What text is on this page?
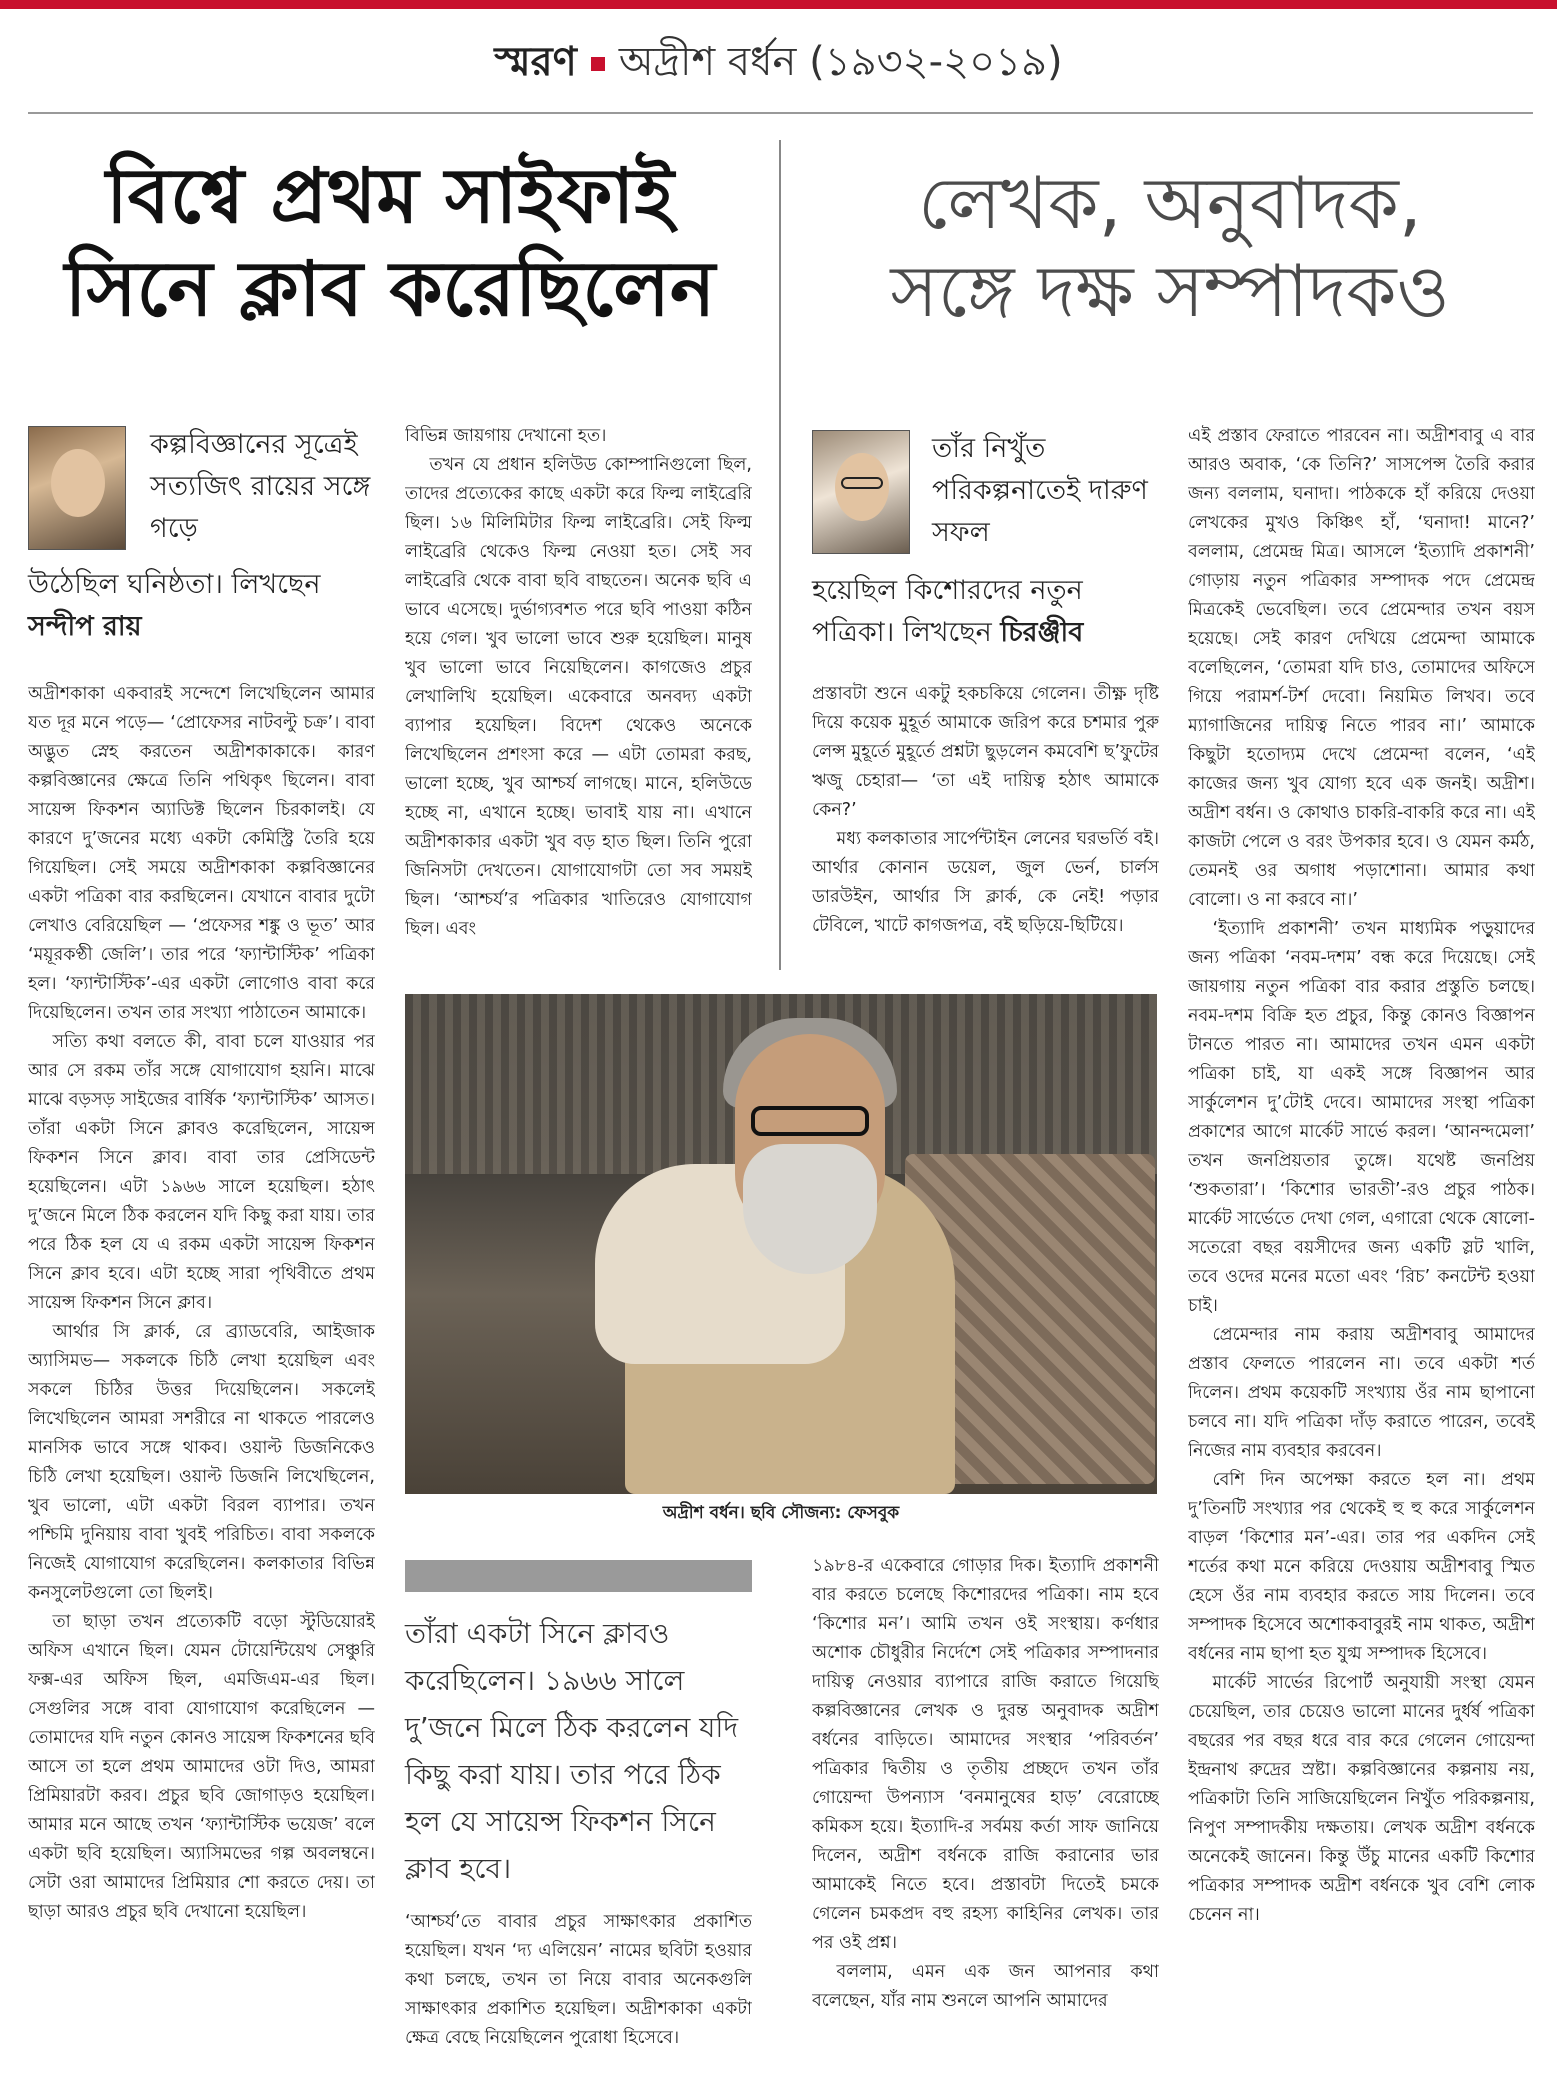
স্মরণ অদ্রীশ বর্ধন (১৯৩২-২০১৯)
বিশ্বে প্রথম সাইফাই
সিনে ক্লাব করেছিলেন
লেখক, অনুবাদক,
সঙ্গে দক্ষ সম্পাদকও
কল্পবিজ্ঞানের সূত্রেই সত্যজিৎ রায়ের সঙ্গে গড়ে
উঠেছিল ঘনিষ্ঠতা। লিখছেন
সন্দীপ রায়
তাঁর নিখুঁত পরিকল্পনাতেই দারুণ সফল
হয়েছিল কিশোরদের নতুন পত্রিকা। লিখছেন চিরঞ্জীব

অদ্রীশকাকা একবারই সন্দেশে লিখেছিলেন আমার যত দূর মনে পড়ে— ‘প্রোফেসর নাটবল্টু চক্র’। বাবা অদ্ভুত স্নেহ করতেন অদ্রীশকাকাকে। কারণ কল্পবিজ্ঞানের ক্ষেত্রে তিনি পথিকৃৎ ছিলেন। বাবা সায়েন্স ফিকশন অ্যাডিক্ট ছিলেন চিরকালই। যে কারণে দু’জনের মধ্যে একটা কেমিস্ট্রি তৈরি হয়ে গিয়েছিল। সেই সময়ে অদ্রীশকাকা কল্পবিজ্ঞানের একটা পত্রিকা বার করছিলেন। যেখানে বাবার দুটো লেখাও বেরিয়েছিল — ‘প্রফেসর শঙ্কু ও ভূত’ আর ‘ময়ূরকণ্ঠী জেলি’। তার পরে ‘ফ্যান্টাস্টিক’ পত্রিকা হল। ‘ফ্যান্টাস্টিক’-এর একটা লোগোও বাবা করে দিয়েছিলেন। তখন তার সংখ্যা পাঠাতেন আমাকে।

সত্যি কথা বলতে কী, বাবা চলে যাওয়ার পর আর সে রকম তাঁর সঙ্গে যোগাযোগ হয়নি। মাঝে মাঝে বড়সড় সাইজের বার্ষিক ‘ফ্যান্টাস্টিক’ আসত। তাঁরা একটা সিনে ক্লাবও করেছিলেন, সায়েন্স ফিকশন সিনে ক্লাব। বাবা তার প্রেসিডেন্ট হয়েছিলেন। এটা ১৯৬৬ সালে হয়েছিল। হঠাৎ দু’জনে মিলে ঠিক করলেন যদি কিছু করা যায়। তার পরে ঠিক হল যে এ রকম একটা সায়েন্স ফিকশন সিনে ক্লাব হবে। এটা হচ্ছে সারা পৃথিবীতে প্রথম সায়েন্স ফিকশন সিনে ক্লাব।

আর্থার সি ক্লার্ক, রে ব্র্যাডবেরি, আইজাক অ্যাসিমভ— সকলকে চিঠি লেখা হয়েছিল এবং সকলে চিঠির উত্তর দিয়েছিলেন। সকলেই লিখেছিলেন আমরা সশরীরে না থাকতে পারলেও মানসিক ভাবে সঙ্গে থাকব। ওয়াল্ট ডিজনিকেও চিঠি লেখা হয়েছিল। ওয়াল্ট ডিজনি লিখেছিলেন, খুব ভালো, এটা একটা বিরল ব্যাপার। তখন পশ্চিমি দুনিয়ায় বাবা খুবই পরিচিত। বাবা সকলকে নিজেই যোগাযোগ করেছিলেন। কলকাতার বিভিন্ন কনসুলেটগুলো তো ছিলই।

তা ছাড়া তখন প্রত্যেকটি বড়ো স্টুডিয়োরই অফিস এখানে ছিল। যেমন টোয়েন্টিয়েথ সেঞ্চুরি ফক্স-এর অফিস ছিল, এমজিএম-এর ছিল। সেগুলির সঙ্গে বাবা যোগাযোগ করেছিলেন — তোমাদের যদি নতুন কোনও সায়েন্স ফিকশনের ছবি আসে তা হলে প্রথম আমাদের ওটা দিও, আমরা প্রিমিয়ারটা করব। প্রচুর ছবি জোগাড়ও হয়েছিল। আমার মনে আছে তখন ‘ফ্যান্টাস্টিক ভয়েজ’ বলে একটা ছবি হয়েছিল। অ্যাসিমভের গল্প অবলম্বনে। সেটা ওরা আমাদের প্রিমিয়ার শো করতে দেয়। তা ছাড়া আরও প্রচুর ছবি দেখানো হয়েছিল।

বিভিন্ন জায়গায় দেখানো হত।

তখন যে প্রধান হলিউড কোম্পানিগুলো ছিল, তাদের প্রত্যেকের কাছে একটা করে ফিল্ম লাইব্রেরি ছিল। ১৬ মিলিমিটার ফিল্ম লাইব্রেরি। সেই ফিল্ম লাইব্রেরি থেকেও ফিল্ম নেওয়া হত। সেই সব লাইব্রেরি থেকে বাবা ছবি বাছতেন। অনেক ছবি এ ভাবে এসেছে। দুর্ভাগ্যবশত পরে ছবি পাওয়া কঠিন হয়ে গেল। খুব ভালো ভাবে শুরু হয়েছিল। মানুষ খুব ভালো ভাবে নিয়েছিলেন। কাগজেও প্রচুর লেখালিখি হয়েছিল। একেবারে অনবদ্য একটা ব্যাপার হয়েছিল। বিদেশ থেকেও অনেকে লিখেছিলেন প্রশংসা করে — এটা তোমরা করছ, ভালো হচ্ছে, খুব আশ্চর্য লাগছে। মানে, হলিউডে হচ্ছে না, এখানে হচ্ছে। ভাবাই যায় না। এখানে অদ্রীশকাকার একটা খুব বড় হাত ছিল। তিনি পুরো জিনিসটা দেখতেন। যোগাযোগটা তো সব সময়ই ছিল। ‘আশ্চর্য’র পত্রিকার খাতিরেও যোগাযোগ ছিল। এবং

প্রস্তাবটা শুনে একটু হকচকিয়ে গেলেন। তীক্ষ্ণ দৃষ্টি দিয়ে কয়েক মুহূর্ত আমাকে জরিপ করে চশমার পুরু লেন্স মুহূর্তে মুহূর্তে প্রশ্নটা ছুড়লেন কমবেশি ছ’ফুটের ঋজু চেহারা— ‘তা এই দায়িত্ব হঠাৎ আমাকে কেন?’

মধ্য কলকাতার সার্পেন্টাইন লেনের ঘরভর্তি বই। আর্থার কোনান ডয়েল, জুল ভের্ন, চার্লস ডারউইন, আর্থার সি ক্লার্ক, কে নেই! পড়ার টেবিলে, খাটে কাগজপত্র, বই ছড়িয়ে-ছিটিয়ে।

এই প্রস্তাব ফেরাতে পারবেন না। অদ্রীশবাবু এ বার আরও অবাক, ‘কে তিনি?’ সাসপেন্স তৈরি করার জন্য বললাম, ঘনাদা। পাঠককে হাঁ করিয়ে দেওয়া লেখকের মুখও কিঞ্চিৎ হাঁ, ‘ঘনাদা! মানে?’ বললাম, প্রেমেন্দ্র মিত্র। আসলে ‘ইত্যাদি প্রকাশনী’ গোড়ায় নতুন পত্রিকার সম্পাদক পদে প্রেমেন্দ্র মিত্রকেই ভেবেছিল। তবে প্রেমেন্দার তখন বয়স হয়েছে। সেই কারণ দেখিয়ে প্রেমেন্দা আমাকে বলেছিলেন, ‘তোমরা যদি চাও, তোমাদের অফিসে গিয়ে পরামর্শ-টর্শ দেবো। নিয়মিত লিখব। তবে ম্যাগাজিনের দায়িত্ব নিতে পারব না।’ আমাকে কিছুটা হতোদ্যম দেখে প্রেমেন্দা বলেন, ‘এই কাজের জন্য খুব যোগ্য হবে এক জনই। অদ্রীশ। অদ্রীশ বর্ধন। ও কোথাও চাকরি-বাকরি করে না। এই কাজটা পেলে ও বরং উপকার হবে। ও যেমন কর্মঠ, তেমনই ওর অগাধ পড়াশোনা। আমার কথা বোলো। ও না করবে না।’

‘ইত্যাদি প্রকাশনী’ তখন মাধ্যমিক পড়ুয়াদের জন্য পত্রিকা ‘নবম-দশম’ বন্ধ করে দিয়েছে। সেই জায়গায় নতুন পত্রিকা বার করার প্রস্তুতি চলছে। নবম-দশম বিক্রি হত প্রচুর, কিন্তু কোনও বিজ্ঞাপন টানতে পারত না। আমাদের তখন এমন একটা পত্রিকা চাই, যা একই সঙ্গে বিজ্ঞাপন আর সার্কুলেশন দু’টোই দেবে। আমাদের সংস্থা পত্রিকা প্রকাশের আগে মার্কেট সার্ভে করল। ‘আনন্দমেলা’ তখন জনপ্রিয়তার তুঙ্গে। যথেষ্ট জনপ্রিয় ‘শুকতারা’। ‘কিশোর ভারতী’-রও প্রচুর পাঠক। মার্কেট সার্ভেতে দেখা গেল, এগারো থেকে ষোলো-সতেরো বছর বয়সীদের জন্য একটি স্লট খালি, তবে ওদের মনের মতো এবং ‘রিচ’ কনটেন্ট হওয়া চাই।

প্রেমেন্দার নাম করায় অদ্রীশবাবু আমাদের প্রস্তাব ফেলতে পারলেন না। তবে একটা শর্ত দিলেন। প্রথম কয়েকটি সংখ্যায় ওঁর নাম ছাপানো চলবে না। যদি পত্রিকা দাঁড় করাতে পারেন, তবেই নিজের নাম ব্যবহার করবেন।

বেশি দিন অপেক্ষা করতে হল না। প্রথম দু’তিনটি সংখ্যার পর থেকেই হু হু করে সার্কুলেশন বাড়ল ‘কিশোর মন’-এর। তার পর একদিন সেই শর্তের কথা মনে করিয়ে দেওয়ায় অদ্রীশবাবু স্মিত হেসে ওঁর নাম ব্যবহার করতে সায় দিলেন। তবে সম্পাদক হিসেবে অশোকবাবুরই নাম থাকত, অদ্রীশ বর্ধনের নাম ছাপা হত যুগ্ম সম্পাদক হিসেবে।

মার্কেট সার্ভের রিপোর্ট অনুযায়ী সংস্থা যেমন চেয়েছিল, তার চেয়েও ভালো মানের দুর্ধর্ষ পত্রিকা বছরের পর বছর ধরে বার করে গেলেন গোয়েন্দা ইন্দ্রনাথ রুদ্রের স্রষ্টা। কল্পবিজ্ঞানের কল্পনায় নয়, পত্রিকাটা তিনি সাজিয়েছিলেন নিখুঁত পরিকল্পনায়, নিপুণ সম্পাদকীয় দক্ষতায়। লেখক অদ্রীশ বর্ধনকে অনেকেই জানেন। কিন্তু উঁচু মানের একটি কিশোর পত্রিকার সম্পাদক অদ্রীশ বর্ধনকে খুব বেশি লোক চেনেন না।

অদ্রীশ বর্ধন। ছবি সৌজন্য: ফেসবুক
তাঁরা একটা সিনে ক্লাবও করেছিলেন। ১৯৬৬ সালে দু’জনে মিলে ঠিক করলেন যদি কিছু করা যায়। তার পরে ঠিক হল যে সায়েন্স ফিকশন সিনে ক্লাব হবে।

‘আশ্চর্য’তে বাবার প্রচুর সাক্ষাৎকার প্রকাশিত হয়েছিল। যখন ‘দ্য এলিয়েন’ নামের ছবিটা হওয়ার কথা চলছে, তখন তা নিয়ে বাবার অনেকগুলি সাক্ষাৎকার প্রকাশিত হয়েছিল। অদ্রীশকাকা একটা ক্ষেত্র বেছে নিয়েছিলেন পুরোধা হিসেবে।

১৯৮৪-র একেবারে গোড়ার দিক। ইত্যাদি প্রকাশনী বার করতে চলেছে কিশোরদের পত্রিকা। নাম হবে ‘কিশোর মন’। আমি তখন ওই সংস্থায়। কর্ণধার অশোক চৌধুরীর নির্দেশে সেই পত্রিকার সম্পাদনার দায়িত্ব নেওয়ার ব্যাপারে রাজি করাতে গিয়েছি কল্পবিজ্ঞানের লেখক ও দুরন্ত অনুবাদক অদ্রীশ বর্ধনের বাড়িতে। আমাদের সংস্থার ‘পরিবর্তন’ পত্রিকার দ্বিতীয় ও তৃতীয় প্রচ্ছদে তখন তাঁর গোয়েন্দা উপন্যাস ‘বনমানুষের হাড়’ বেরোচ্ছে কমিকস হয়ে। ইত্যাদি-র সর্বময় কর্তা সাফ জানিয়ে দিলেন, অদ্রীশ বর্ধনকে রাজি করানোর ভার আমাকেই নিতে হবে। প্রস্তাবটা দিতেই চমকে গেলেন চমকপ্রদ বহু রহস্য কাহিনির লেখক। তার পর ওই প্রশ্ন।

বললাম, এমন এক জন আপনার কথা বলেছেন, যাঁর নাম শুনলে আপনি আমাদের
